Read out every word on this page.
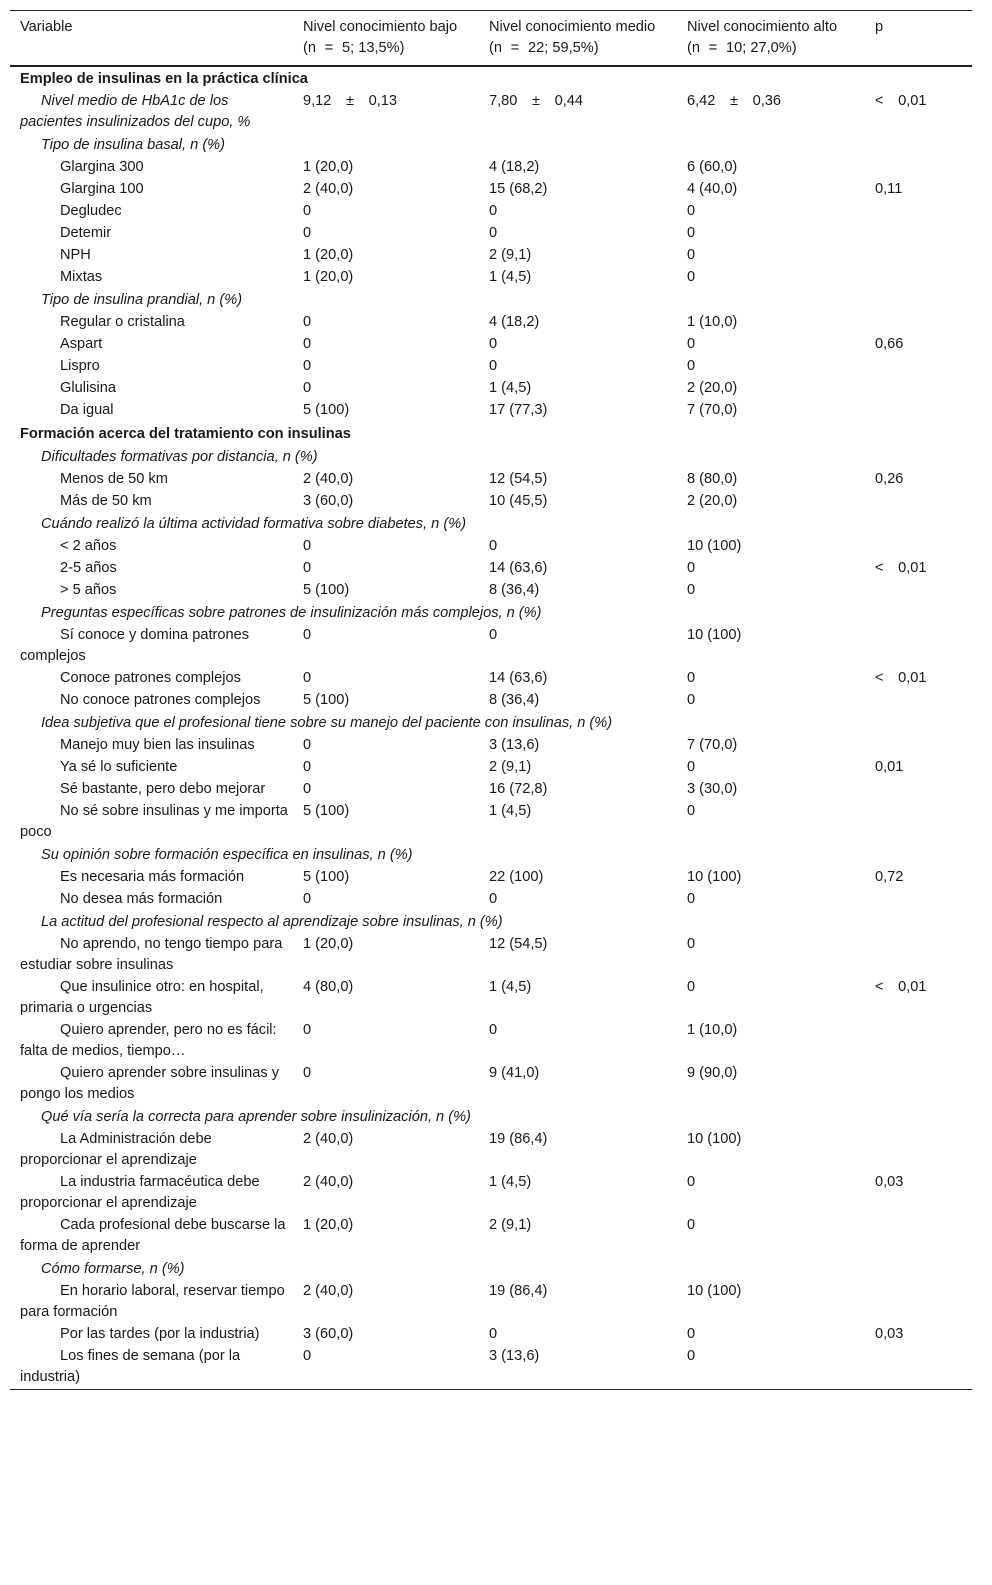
Variable	Nivel conocimiento bajo (n   =   5; 13,5%)	Nivel conocimiento medio (n   =   22; 59,5%)	Nivel conocimiento alto (n   =   10; 27,0%)	p
Empleo de insulinas en la práctica clínica				
Nivel medio de HbA1c de los pacientes insulinizados del cupo, %	9,12 ± 0,13	7,80 ± 0,44	6,42 ± 0,36	< 0,01
Tipo de insulina basal, n (%)				
Glargina 300	1 (20,0)	4 (18,2)	6 (60,0)	
Glargina 100	2 (40,0)	15 (68,2)	4 (40,0)	0,11
Degludec	0	0	0	
Detemir	0	0	0	
NPH	1 (20,0)	2 (9,1)	0	
Mixtas	1 (20,0)	1 (4,5)	0	
Tipo de insulina prandial, n (%)				
Regular o cristalina	0	4 (18,2)	1 (10,0)	
Aspart	0	0	0	0,66
Lispro	0	0	0	
Glulisina	0	1 (4,5)	2 (20,0)	
Da igual	5 (100)	17 (77,3)	7 (70,0)	
Formación acerca del tratamiento con insulinas				
Dificultades formativas por distancia, n (%)				
Menos de 50 km	2 (40,0)	12 (54,5)	8 (80,0)	0,26
Más de 50 km	3 (60,0)	10 (45,5)	2 (20,0)	
Cuándo realizó la última actividad formativa sobre diabetes, n (%)				
< 2 años	0	0	10 (100)	
2-5 años	0	14 (63,6)	0	< 0,01
> 5 años	5 (100)	8 (36,4)	0	
Preguntas específicas sobre patrones de insulinización más complejos, n (%)				
Sí conoce y domina patrones complejos	0	0	10 (100)	
Conoce patrones complejos	0	14 (63,6)	0	< 0,01
No conoce patrones complejos	5 (100)	8 (36,4)	0	
Idea subjetiva que el profesional tiene sobre su manejo del paciente con insulinas, n (%)				
Manejo muy bien las insulinas	0	3 (13,6)	7 (70,0)	
Ya sé lo suficiente	0	2 (9,1)	0	0,01
Sé bastante, pero debo mejorar	0	16 (72,8)	3 (30,0)	
No sé sobre insulinas y me importa poco	5 (100)	1 (4,5)	0	
Su opinión sobre formación específica en insulinas, n (%)				
Es necesaria más formación	5 (100)	22 (100)	10 (100)	0,72
No desea más formación	0	0	0	
La actitud del profesional respecto al aprendizaje sobre insulinas, n (%)				
No aprendo, no tengo tiempo para estudiar sobre insulinas	1 (20,0)	12 (54,5)	0	
Que insulinice otro: en hospital, primaria o urgencias	4 (80,0)	1 (4,5)	0	< 0,01
Quiero aprender, pero no es fácil: falta de medios, tiempo…	0	0	1 (10,0)	
Quiero aprender sobre insulinas y pongo los medios	0	9 (41,0)	9 (90,0)	
Qué vía sería la correcta para aprender sobre insulinización, n (%)				
La Administración debe proporcionar el aprendizaje	2 (40,0)	19 (86,4)	10 (100)	
La industria farmacéutica debe proporcionar el aprendizaje	2 (40,0)	1 (4,5)	0	0,03
Cada profesional debe buscarse la forma de aprender	1 (20,0)	2 (9,1)	0	
Cómo formarse, n (%)				
En horario laboral, reservar tiempo para formación	2 (40,0)	19 (86,4)	10 (100)	
Por las tardes (por la industria)	3 (60,0)	0	0	0,03
Los fines de semana (por la industria)	0	3 (13,6)	0	
